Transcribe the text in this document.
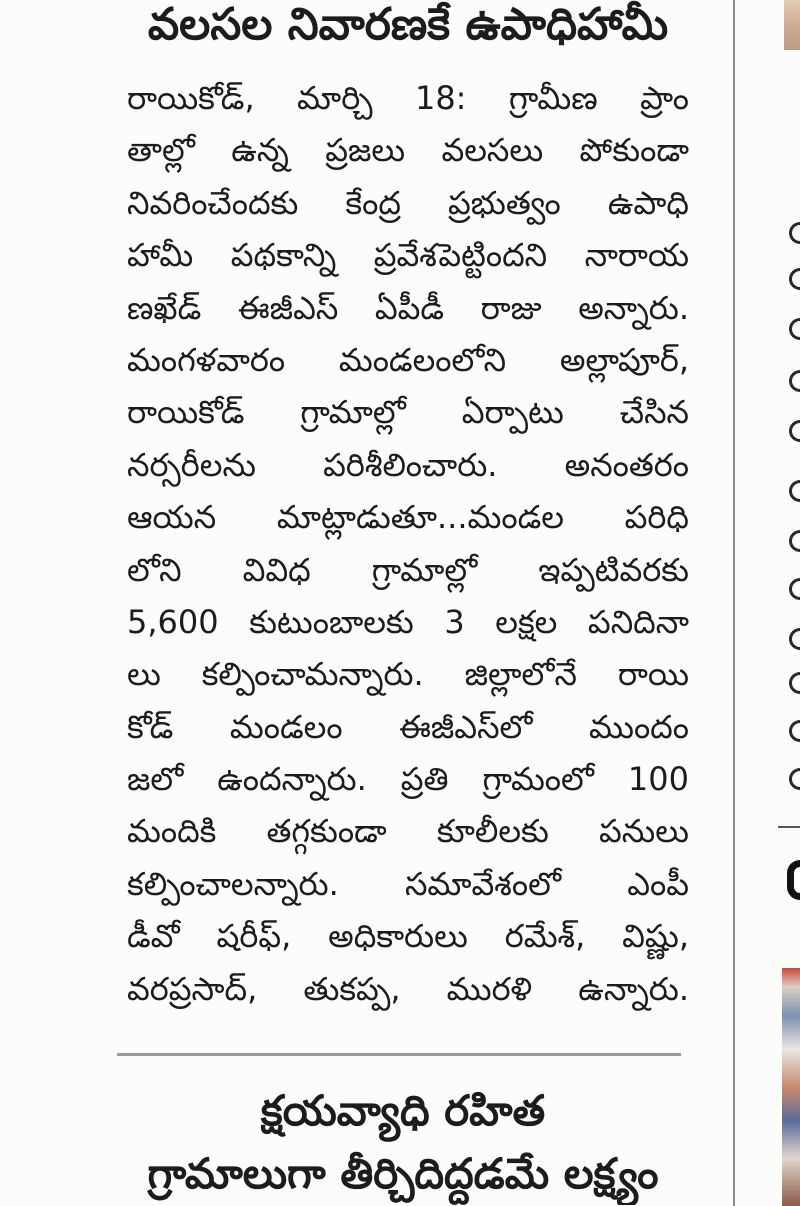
వలసల నివారణకే ఉపాధిహామీ
రాయికోడ్, మార్చి 18: గ్రామీణ ప్రాం
తాల్లో ఉన్న ప్రజలు వలసలు పోకుండా
నివరించేందకు కేంద్ర ప్రభుత్వం ఉపాధి
హామీ పథకాన్ని ప్రవేశపెట్టిందని నారాయ
ణఖేడ్ ఈజీఎస్ ఏపీడీ రాజు అన్నారు.
మంగళవారం మండలంలోని అల్లాపూర్,
రాయికోడ్ గ్రామాల్లో ఏర్పాటు చేసిన
నర్సరీలను పరిశీలించారు. అనంతరం
ఆయన మాట్లాడుతూ...మండల పరిధి
లోని వివిధ గ్రామాల్లో ఇప్పటివరకు
5,600 కుటుంబాలకు 3 లక్షల పనిదినా
లు కల్పించామన్నారు. జిల్లాలోనే రాయి
కోడ్ మండలం ఈజీఎస్‌లో ముందం
జలో ఉందన్నారు. ప్రతి గ్రామంలో 100
మందికి తగ్గకుండా కూలీలకు పనులు
కల్పించాలన్నారు. సమావేశంలో ఎంపీ
డీవో షరీఫ్, అధికారులు రమేశ్, విష్ణు,
వరప్రసాద్, తుకప్ప, మురళి ఉన్నారు.
క్షయవ్యాధి రహిత
గ్రామాలుగా తీర్చిదిద్దడమే లక్ష్యం
